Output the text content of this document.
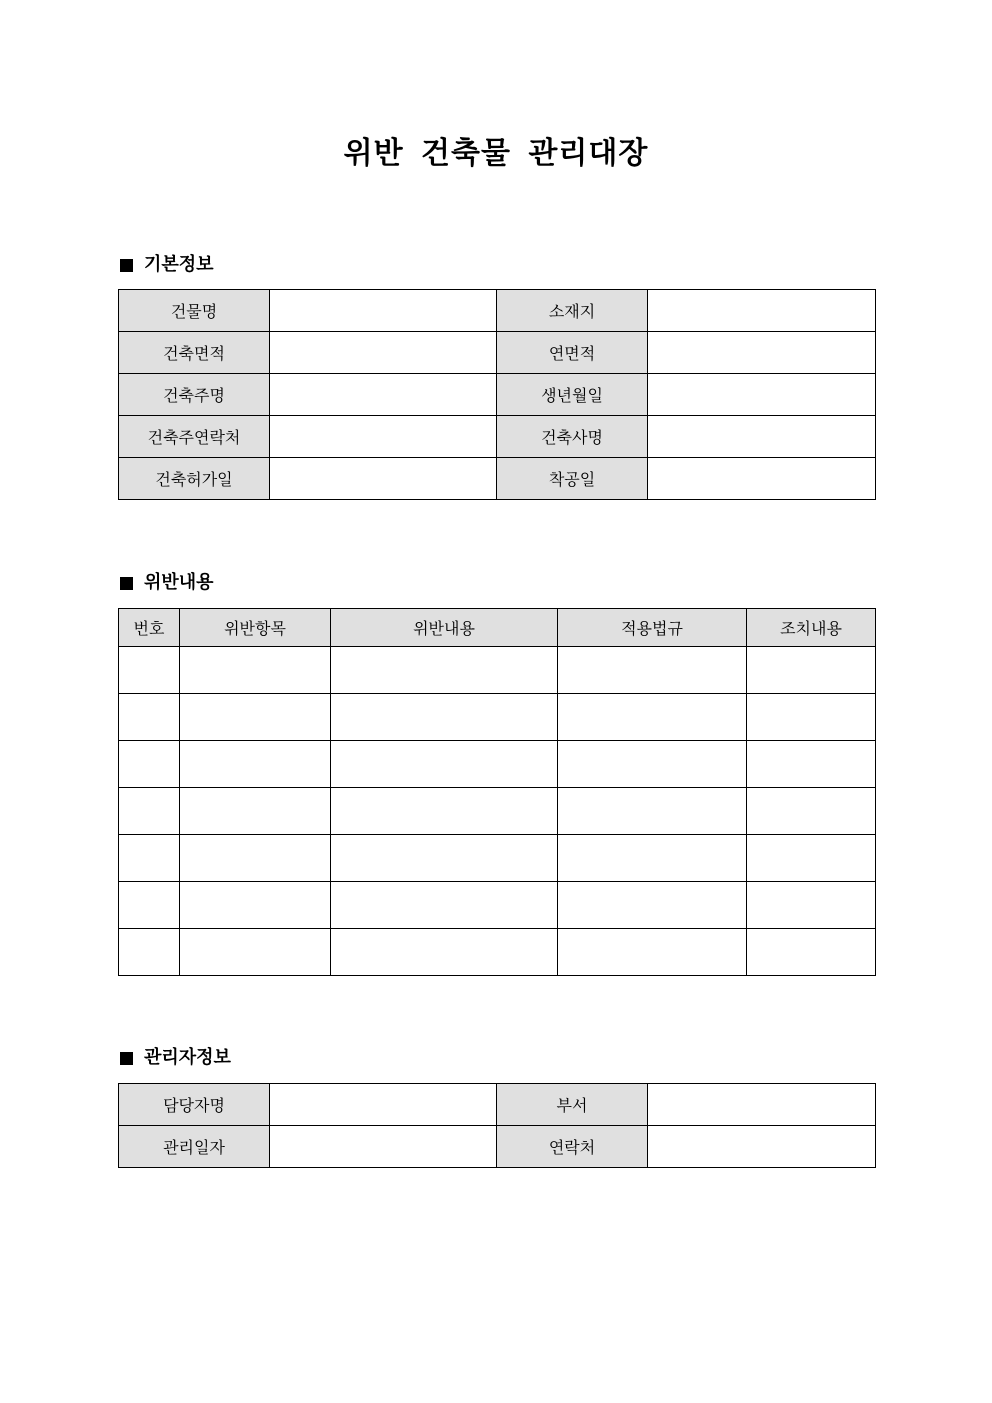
위반 건축물 관리대장
기본정보
건물명		소재지	
건축면적		연면적	
건축주명		생년월일	
건축주연락처		건축사명	
건축허가일		착공일	
위반내용
번호	위반항목	위반내용	적용법규	조치내용

관리자정보
담당자명		부서	
관리일자		연락처	
